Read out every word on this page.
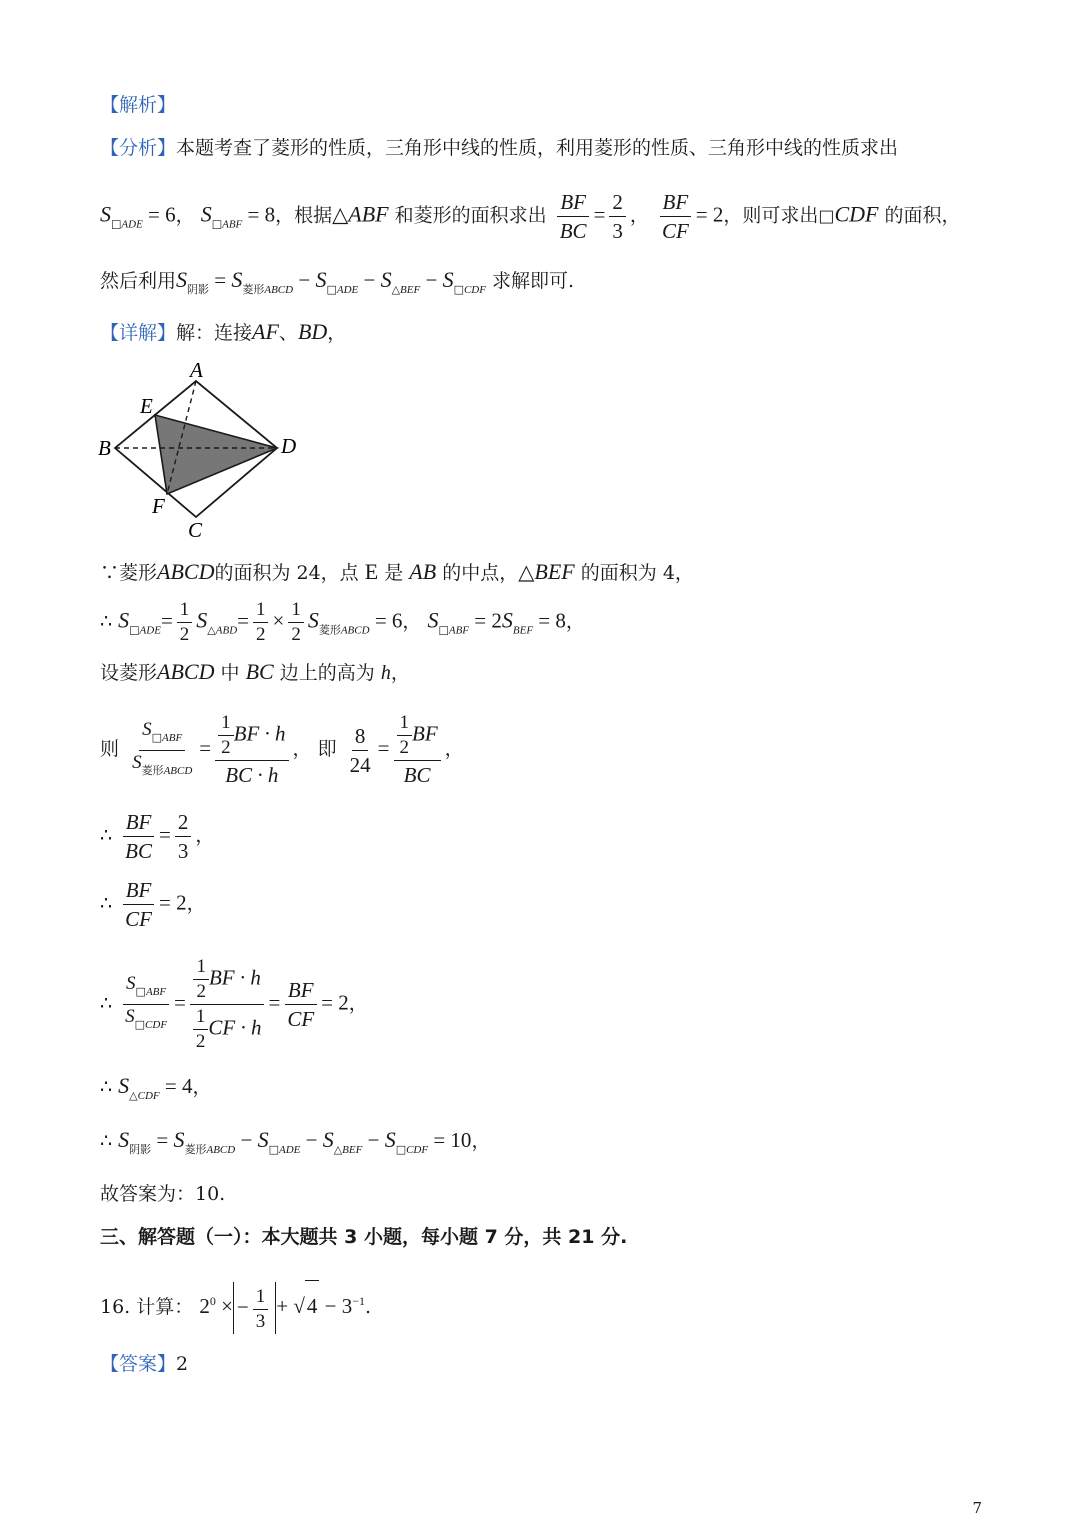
【解析】
【分析】本题考查了菱形的性质，三角形中线的性质，利用菱形的性质、三角形中线的性质求出
$S_{□ADE} = 6$， $S_{□ABF} = 8$，根据△ABF 和菱形的面积求出 $\frac{BF}{BC} = \frac{2}{3}$ ， $\frac{BF}{CF} = 2$，则可求出□CDF 的面积，
然后利用$S_{阴影} = S_{菱形ABCD} - S_{□ADE} - S_{\triangle BEF} - S_{□CDF}$ 求解即可.
【详解】解：连接AF、BD，
A
B
C
D
E
F
∵菱形ABCD的面积为 24，点 E 是 AB 的中点，△BEF 的面积为 4，
∴ $S_{□ADE}= \frac{1}{2} S_{\triangle ABD}= \frac{1}{2} \times \frac{1}{2} S_{菱形ABCD} = 6$， $S_{□ABF} = 2S_{BEF} = 8$，
设菱形ABCD 中 BC 边上的高为 h，
则 $\frac{S_{□ABF}}{S_{菱形ABCD}} = \frac{\frac{1}{2} BF \cdot h}{BC \cdot h}$ ， 即 $\frac{8}{24} = \frac{\frac{1}{2} BF}{BC}$ ，
∴ $\frac{BF}{BC} = \frac{2}{3}$ ，
∴ $\frac{BF}{CF} = 2$，
∴ $\frac{S_{□ABF}}{S_{□CDF}} = \frac{\frac{1}{2} BF \cdot h}{\frac{1}{2} CF \cdot h} = \frac{BF}{CF} = 2$，
∴ $S_{\triangle CDF} = 4$，
∴ $S_{阴影} = S_{菱形ABCD} - S_{□ADE} - S_{\triangle BEF} - S_{□CDF} = 10$，
故答案为：10.
三、解答题（一）：本大题共 3 小题，每小题 7 分，共 21 分.
16. 计算： $2^0$ × − $\frac{1}{3} + √4 - 3^{-1}$.
【答案】2
7
